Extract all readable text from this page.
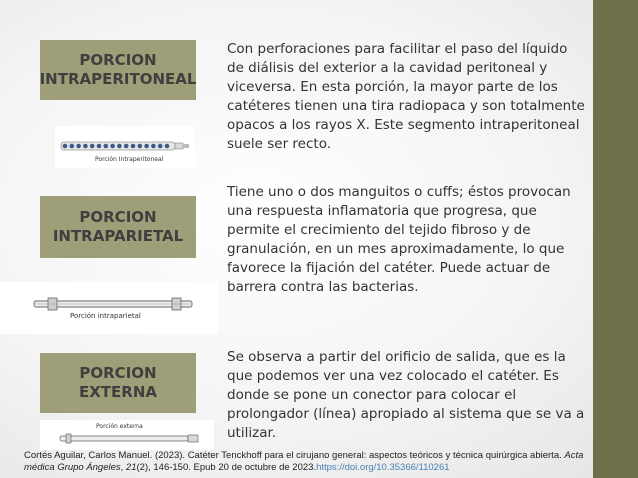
PORCION
INTRAPERITONEAL
Con perforaciones para facilitar el paso del líquido de diálisis del exterior a la cavidad peritoneal y viceversa. En esta porción, la mayor parte de los catéteres tienen una tira radiopaca y son totalmente opacos a los rayos X. Este segmento intraperitoneal suele ser recto.
Porción Intraperitoneal
PORCION
INTRAPARIETAL
Tiene uno o dos manguitos o cuffs; éstos provocan una respuesta inflamatoria que progresa, que permite el crecimiento del tejido fibroso y de granulación, en un mes aproximadamente, lo que favorece la fijación del catéter. Puede actuar de barrera contra las bacterias.
Porción intraparietal
PORCION EXTERNA
Se observa a partir del orificio de salida, que es la que podemos ver una vez colocado el catéter. Es donde se pone un conector para colocar el prolongador (línea) apropiado al sistema que se va a utilizar.
Porción externa
Cortés Aguilar, Carlos Manuel. (2023). Catéter Tenckhoff para el cirujano general: aspectos teóricos y técnica quirúrgica abierta. Acta médica Grupo Ángeles, 21(2), 146-150. Epub 20 de octubre de 2023.https://doi.org/10.35366/110261
